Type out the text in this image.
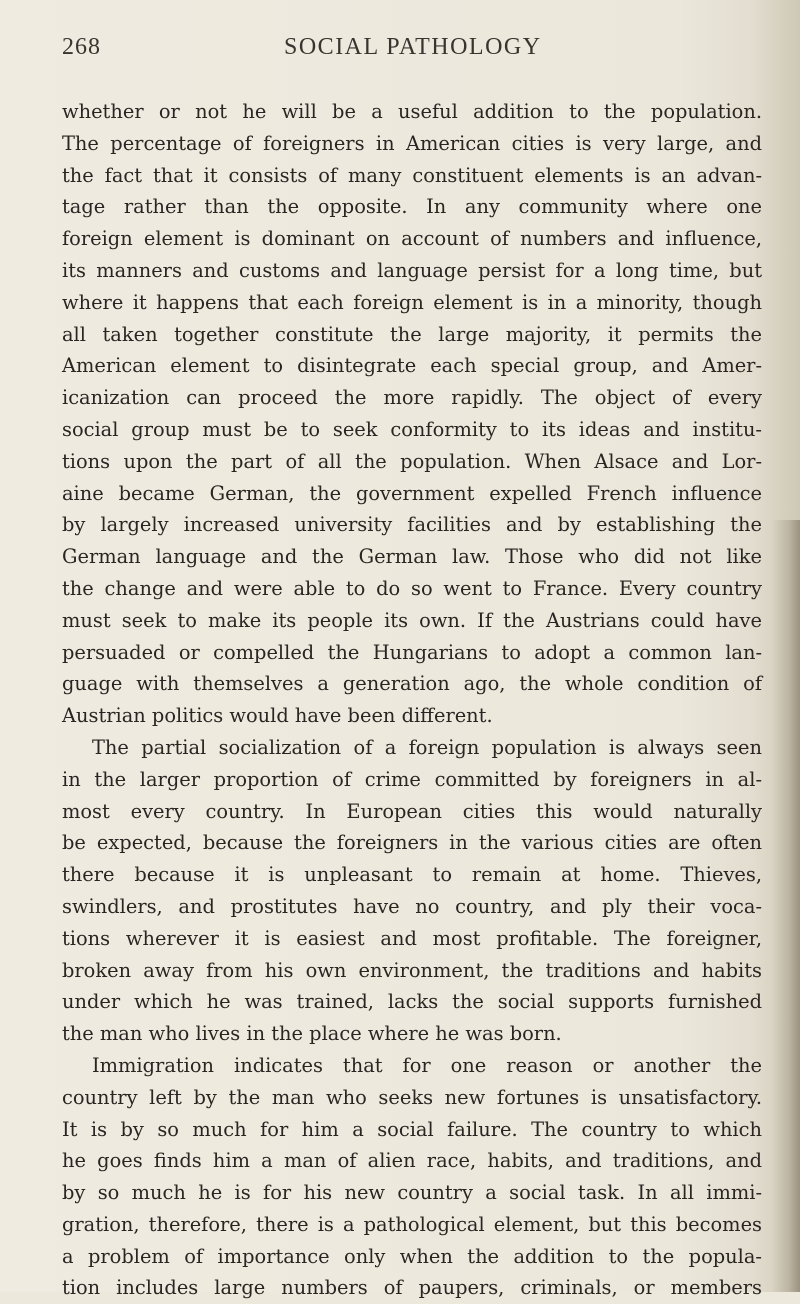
268	SOCIAL PATHOLOGY
whether or not he will be a useful addition to the population.
The percentage of foreigners in American cities is very large, and
the fact that it consists of many constituent elements is an advan-
tage rather than the opposite. In any community where one
foreign element is dominant on account of numbers and influence,
its manners and customs and language persist for a long time, but
where it happens that each foreign element is in a minority, though
all taken together constitute the large majority, it permits the
American element to disintegrate each special group, and Amer-
icanization can proceed the more rapidly. The object of every
social group must be to seek conformity to its ideas and institu-
tions upon the part of all the population. When Alsace and Lor-
aine became German, the government expelled French influence
by largely increased university facilities and by establishing the
German language and the German law. Those who did not like
the change and were able to do so went to France. Every country
must seek to make its people its own. If the Austrians could have
persuaded or compelled the Hungarians to adopt a common lan-
guage with themselves a generation ago, the whole condition of
Austrian politics would have been different.
The partial socialization of a foreign population is always seen
in the larger proportion of crime committed by foreigners in al-
most every country. In European cities this would naturally
be expected, because the foreigners in the various cities are often
there because it is unpleasant to remain at home. Thieves,
swindlers, and prostitutes have no country, and ply their voca-
tions wherever it is easiest and most profitable. The foreigner,
broken away from his own environment, the traditions and habits
under which he was trained, lacks the social supports furnished
the man who lives in the place where he was born.
Immigration indicates that for one reason or another the
country left by the man who seeks new fortunes is unsatisfactory.
It is by so much for him a social failure. The country to which
he goes finds him a man of alien race, habits, and traditions, and
by so much he is for his new country a social task. In all immi-
gration, therefore, there is a pathological element, but this becomes
a problem of importance only when the addition to the popula-
tion includes large numbers of paupers, criminals, or members
